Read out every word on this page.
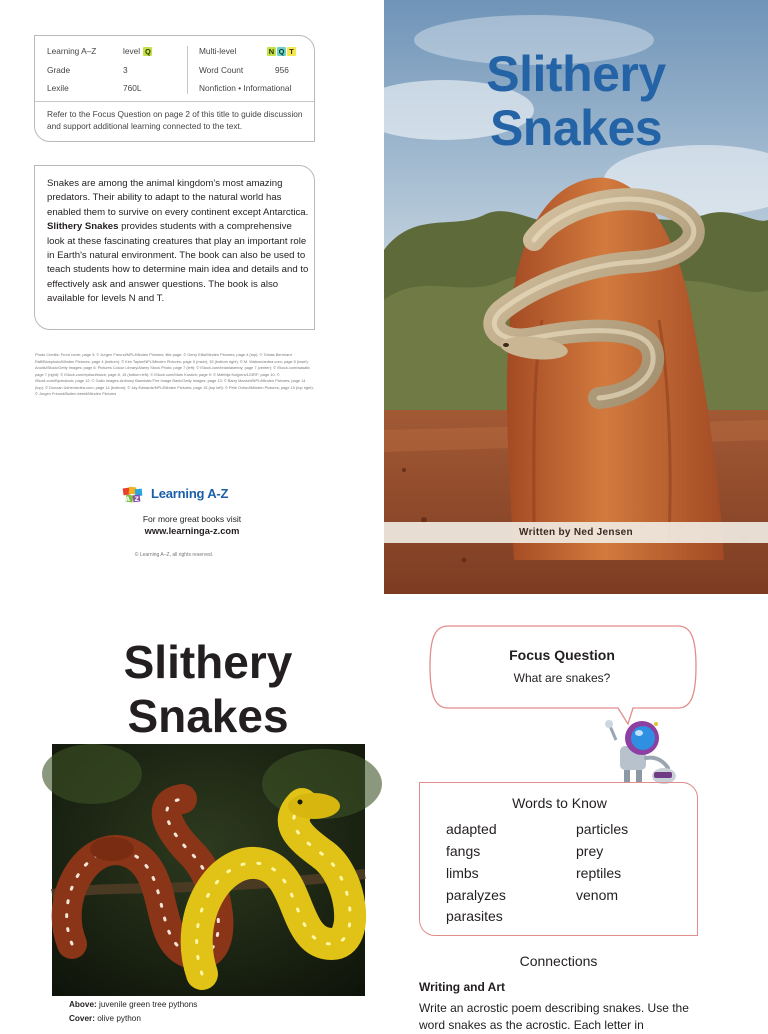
Learning A–Z	level Q
Grade	3
Lexile	760L
Multi-level	N Q T
Word Count	956
Nonfiction • Informational

Refer to the Focus Question on page 2 of this title to guide discussion and support additional learning connected to the text.

Snakes are among the animal kingdom's most amazing predators. Their ability to adapt to the natural world has enabled them to survive on every continent except Antarctica. Slithery Snakes provides students with a comprehensive look at these fascinating creatures that play an important role in Earth's natural environment. The book can also be used to teach students how to determine main idea and details and to effectively ask and answer questions. The book is also available for levels N and T.

Photo Credits: Front cover, page 3: © Jurgen Freund/NPL/Minden Pictures; title page: © Gerry Ellis/Minden Pictures; page 4 (top): © Tobias Bernhard Raff/Biosphoto/Minden Pictures; page 4 (bottom): © Kim Taylor/NPL/Minden Pictures; page 5 (main), 15 (bottom right): © M. Watson/ardea.com; page 5 (inset): Anolis/iStock/Getty Images; page 6: Pictures Colour Library/Alamy Stock Photo; page 7 (left): © iStock.com/brianlasenby; page 7 (center): © iStock.com/wasabi; page 7 (right): © iStock.com/epitavi/stock; page 8, 15 (bottom left): © iStock.com/Mark Kostich; page 9: © Matthijs Kuijpers/123RF; page 10: © iStock.com/Bjornstock; page 12: © Gallo Images-Anthony Bannister/The Image Bank/Getty Images; page 13: © Barry Mansell/NPL/Minden Pictures; page 14 (top): © Duncan Usher/ardea.com; page 14 (bottom): © Jay Edwards/NPL/Minden Pictures; page 15 (top left): © Pete Oxford/Minden Pictures; page 15 (top right): © Jurgen Freund/Buiten-beeld/Minden Pictures

A Z Learning A-Z

For more great books visit

www.learninga-z.com

© Learning A–Z, all rights reserved.

Slithery
Snakes

Written by Ned Jensen

Slithery
Snakes

Above: juvenile green tree pythons

Cover: olive python

Focus Question

What are snakes?

Words to Know

adapted
fangs
limbs
paralyzes
parasites
particles
prey
reptiles
venom

Connections

Writing and Art

Write an acrostic poem describing snakes. Use the word snakes as the acrostic. Each letter in
